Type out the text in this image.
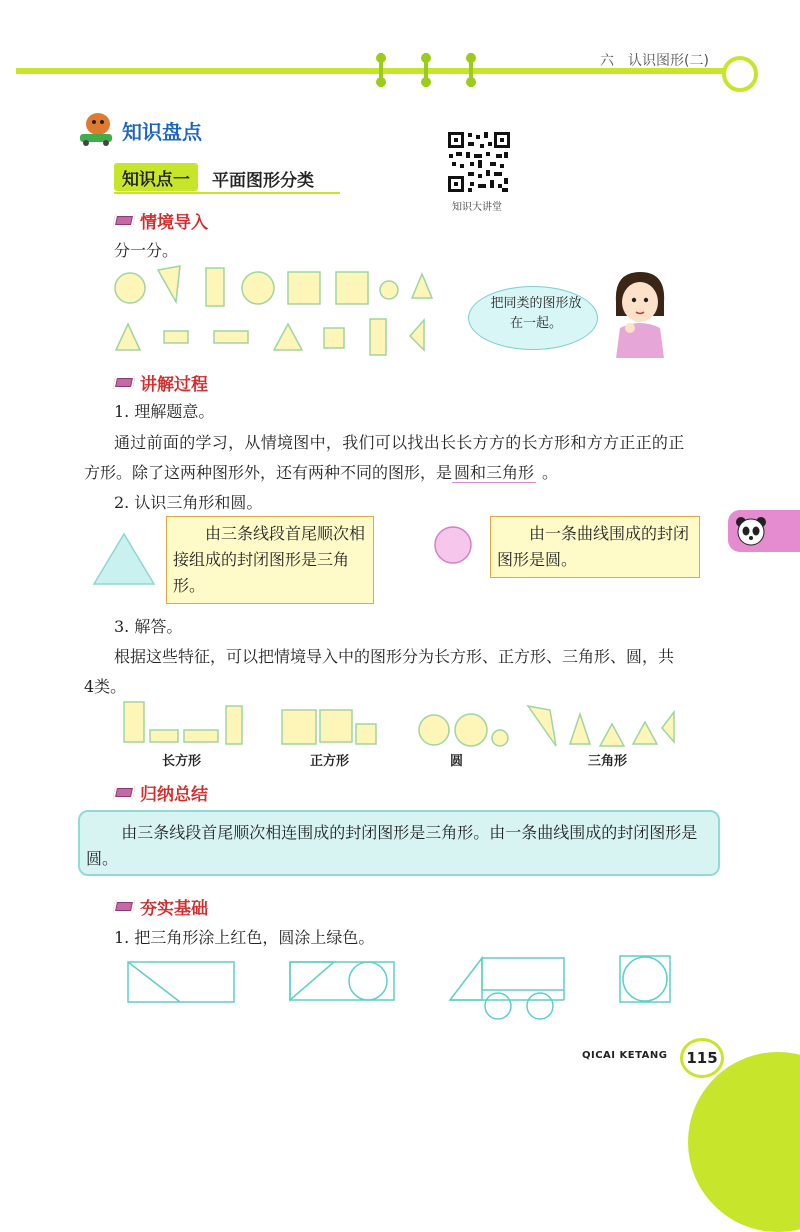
六　认识图形(二)
知识盘点
知识点一 平面图形分类
知识大讲堂
情境导入
分一分。
把同类的图形放在一起。
讲解过程
1. 理解题意。
通过前面的学习，从情境图中，我们可以找出长长方方的长方形和方方正正的正
方形。除了这两种图形外，还有两种不同的图形，是 圆和三角形 。
2. 认识三角形和圆。
由三条线段首尾顺次相接组成的封闭图形是三角形。
由一条曲线围成的封闭图形是圆。
3. 解答。
根据这些特征，可以把情境导入中的图形分为长方形、正方形、三角形、圆，共
4类。
长方形	正方形	圆	三角形
归纳总结
由三条线段首尾顺次相连围成的封闭图形是三角形。由一条曲线围成的封闭图形是圆。
夯实基础
1. 把三角形涂上红色，圆涂上绿色。
QICAI KETANG 115
